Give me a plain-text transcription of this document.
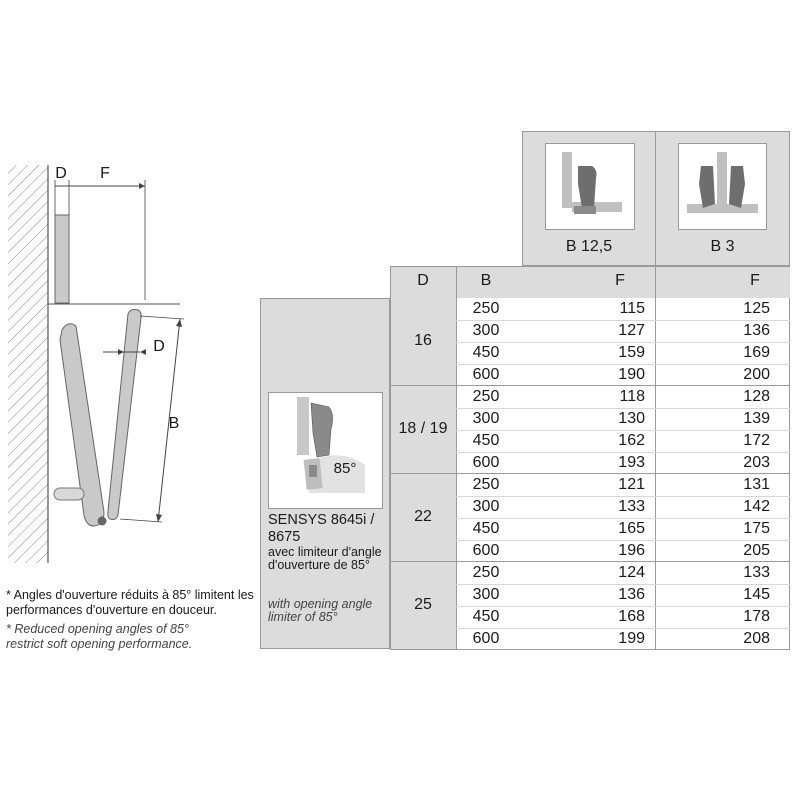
D F
D
B
* Angles d'ouverture réduits à 85° limitent les performances d'ouverture en douceur.
* Reduced opening angles of 85° restrict soft opening performance.
B 12,5	B 3
D	B	F	F
85°
SENSYS 8645i / 8675
avec limiteur d'angle d'ouverture de 85°
with opening angle limiter of 85°
16
250	115	125
300	127	136
450	159	169
600	190	200
18 / 19
250	118	128
300	130	139
450	162	172
600	193	203
22
250	121	131
300	133	142
450	165	175
600	196	205
25
250	124	133
300	136	145
450	168	178
600	199	208
